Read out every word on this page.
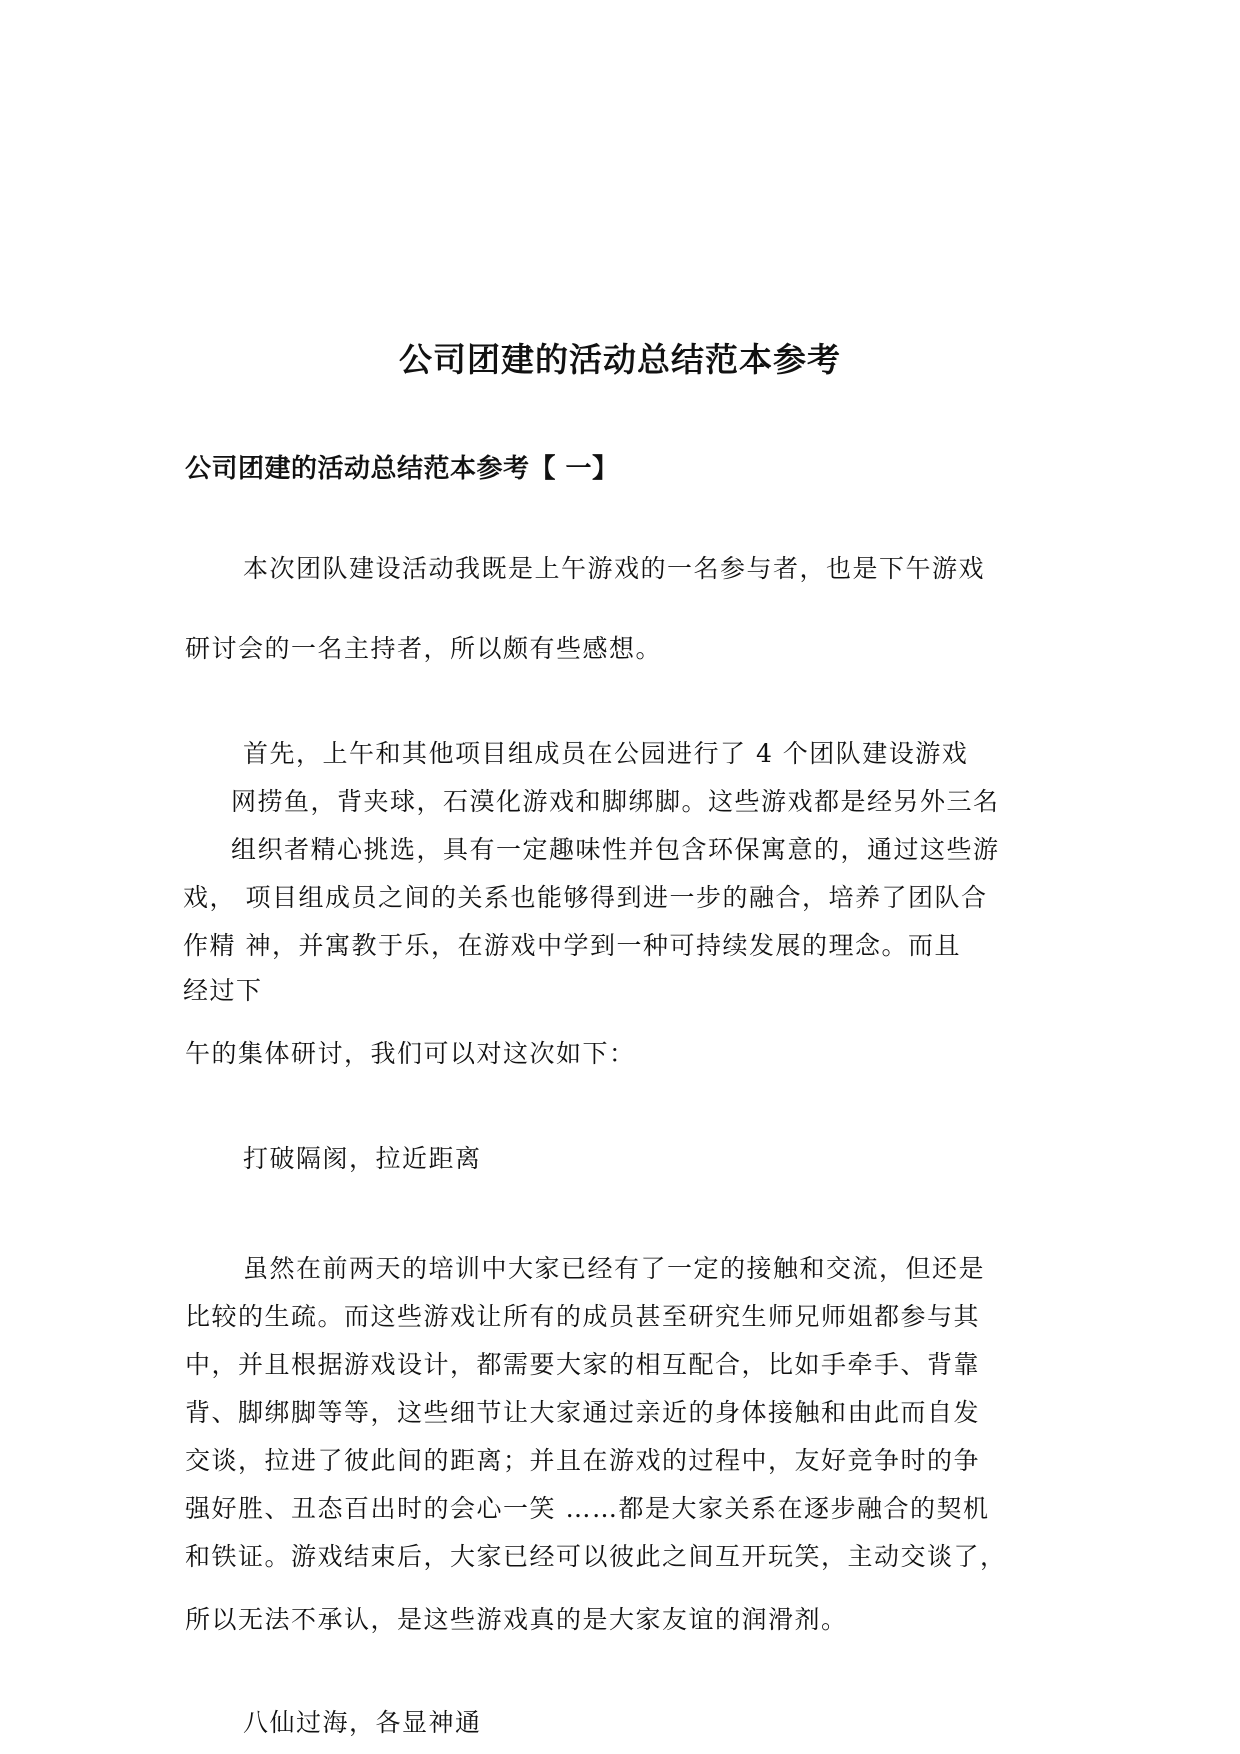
公司团建的活动总结范本参考
公司团建的活动总结范本参考【 一】
本次团队建设活动我既是上午游戏的一名参与者，也是下午游戏
研讨会的一名主持者，所以颇有些感想。
首先，上午和其他项目组成员在公园进行了 4 个团队建设游戏
网捞鱼，背夹球，石漠化游戏和脚绑脚。这些游戏都是经另外三名
组织者精心挑选，具有一定趣味性并包含环保寓意的，通过这些游
戏， 项目组成员之间的关系也能够得到进一步的融合，培养了团队合
作精 神，并寓教于乐，在游戏中学到一种可持续发展的理念。而且
经过下
午的集体研讨，我们可以对这次如下：
打破隔阂，拉近距离
虽然在前两天的培训中大家已经有了一定的接触和交流，但还是
比较的生疏。而这些游戏让所有的成员甚至研究生师兄师姐都参与其
中，并且根据游戏设计，都需要大家的相互配合，比如手牵手、背靠
背、脚绑脚等等，这些细节让大家通过亲近的身体接触和由此而自发
交谈，拉进了彼此间的距离；并且在游戏的过程中，友好竞争时的争
强好胜、丑态百出时的会心一笑 ……都是大家关系在逐步融合的契机
和铁证。游戏结束后，大家已经可以彼此之间互开玩笑，主动交谈了，
所以无法不承认，是这些游戏真的是大家友谊的润滑剂。
八仙过海，各显神通
